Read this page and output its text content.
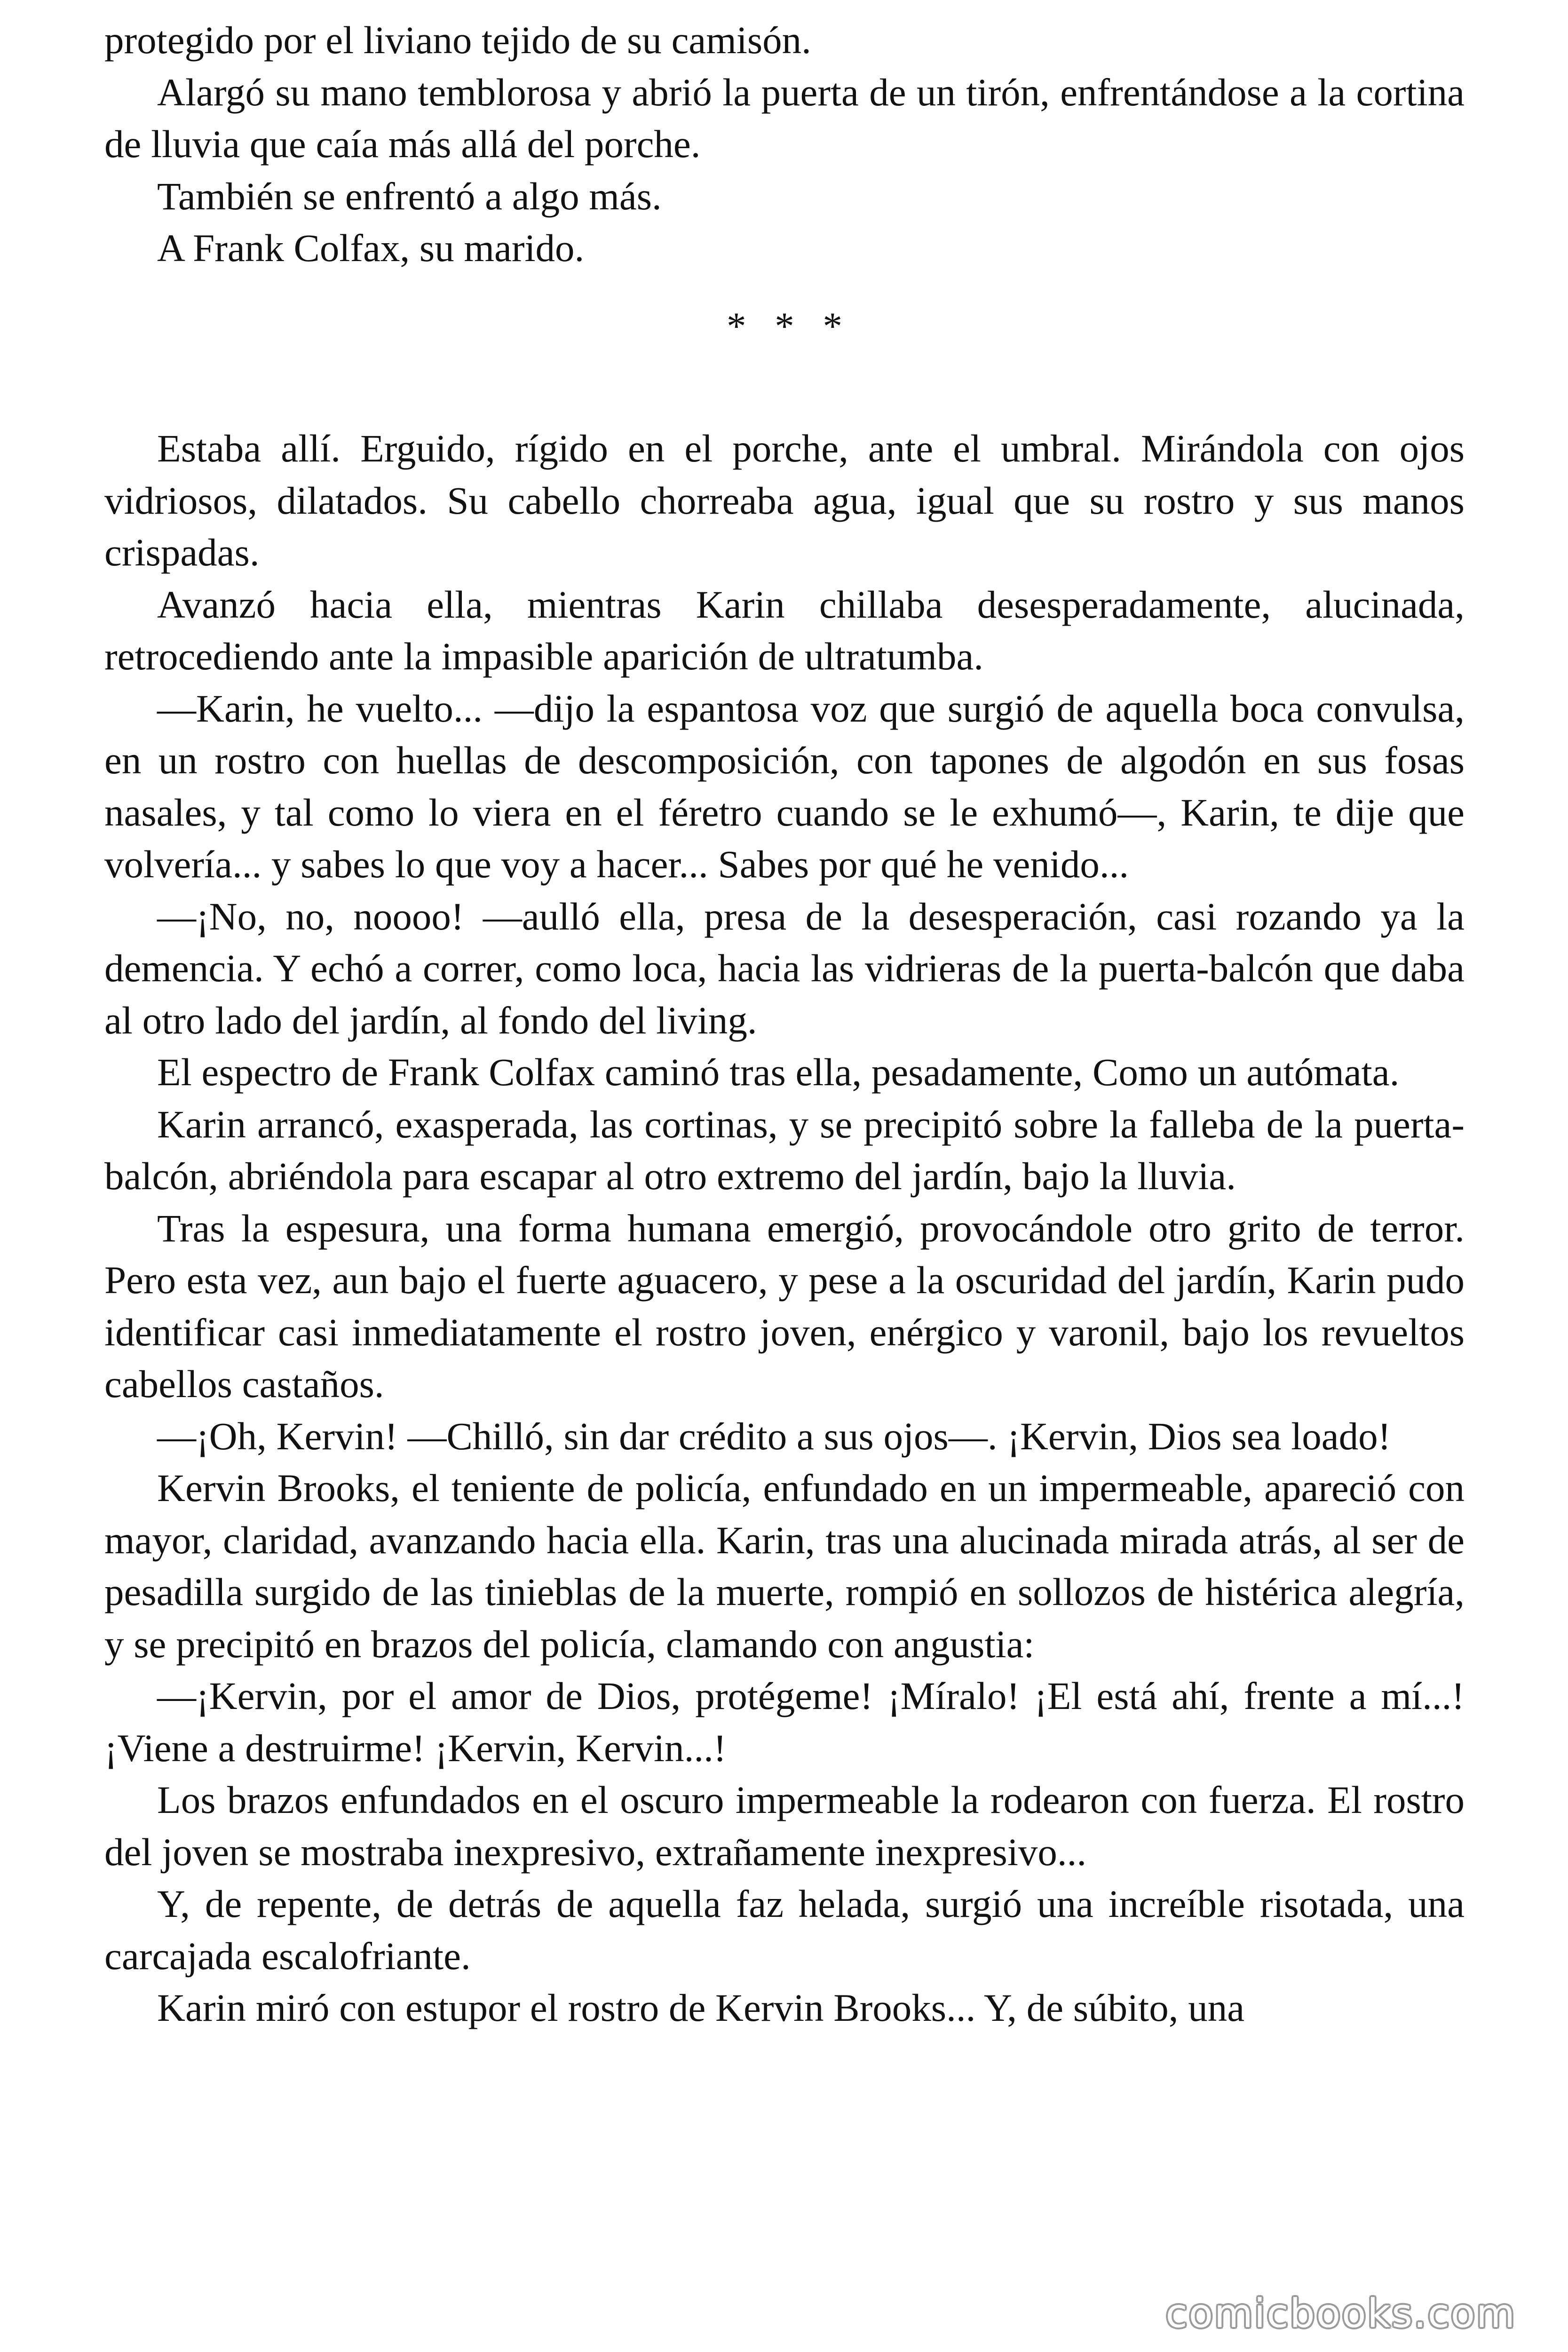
protegido por el liviano tejido de su camisón.

Alargó su mano temblorosa y abrió la puerta de un tirón, enfrentándose a la cortina de lluvia que caía más allá del porche.

También se enfrentó a algo más.

A Frank Colfax, su marido.

* * *

Estaba allí. Erguido, rígido en el porche, ante el umbral. Mirándola con ojos vidriosos, dilatados. Su cabello chorreaba agua, igual que su rostro y sus manos crispadas.

Avanzó hacia ella, mientras Karin chillaba desesperadamente, alucinada, retrocediendo ante la impasible aparición de ultratumba.

—Karin, he vuelto... —dijo la espantosa voz que surgió de aquella boca convulsa, en un rostro con huellas de descomposición, con tapones de algodón en sus fosas nasales, y tal como lo viera en el féretro cuando se le exhumó—, Karin, te dije que volvería... y sabes lo que voy a hacer... Sabes por qué he venido...

—¡No, no, noooo! —aulló ella, presa de la desesperación, casi rozando ya la demencia. Y echó a correr, como loca, hacia las vidrieras de la puerta-balcón que daba al otro lado del jardín, al fondo del living.

El espectro de Frank Colfax caminó tras ella, pesadamente, Como un autómata.

Karin arrancó, exasperada, las cortinas, y se precipitó sobre la falleba de la puerta-balcón, abriéndola para escapar al otro extremo del jardín, bajo la lluvia.

Tras la espesura, una forma humana emergió, provocándole otro grito de terror. Pero esta vez, aun bajo el fuerte aguacero, y pese a la oscuridad del jardín, Karin pudo identificar casi inmediatamente el rostro joven, enérgico y varonil, bajo los revueltos cabellos castaños.

—¡Oh, Kervin! —Chilló, sin dar crédito a sus ojos—. ¡Kervin, Dios sea loado!

Kervin Brooks, el teniente de policía, enfundado en un impermeable, apareció con mayor, claridad, avanzando hacia ella. Karin, tras una alucinada mirada atrás, al ser de pesadilla surgido de las tinieblas de la muerte, rompió en sollozos de histérica alegría, y se precipitó en brazos del policía, clamando con angustia:

—¡Kervin, por el amor de Dios, protégeme! ¡Míralo! ¡El está ahí, frente a mí...! ¡Viene a destruirme! ¡Kervin, Kervin...!

Los brazos enfundados en el oscuro impermeable la rodearon con fuerza. El rostro del joven se mostraba inexpresivo, extrañamente inexpresivo...

Y, de repente, de detrás de aquella faz helada, surgió una increíble risotada, una carcajada escalofriante.

Karin miró con estupor el rostro de Kervin Brooks... Y, de súbito, una

comicbooks.com
